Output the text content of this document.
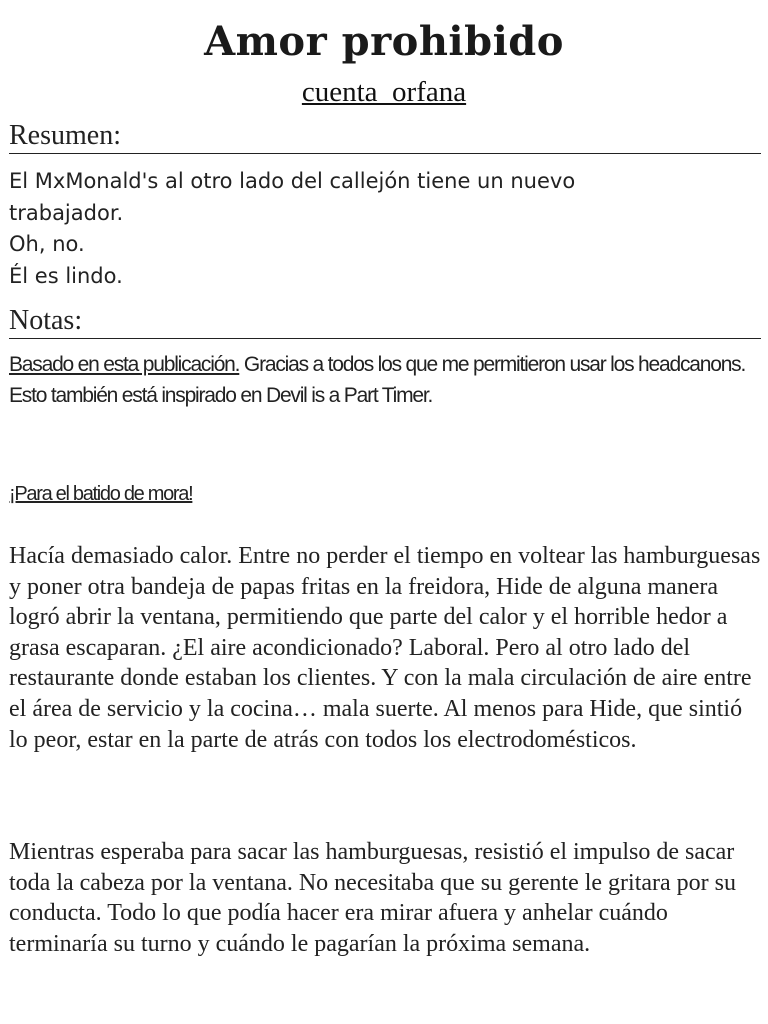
Amor prohibido
cuenta_orfana
Resumen:
El MxMonald's al otro lado del callejón tiene un nuevo
trabajador.
Oh, no.
Él es lindo.
Notas:
Basado en esta publicación. Gracias a todos los que me permitieron usar los headcanons. Esto también está inspirado en Devil is a Part Timer.
¡Para el batido de mora!

Hacía demasiado calor. Entre no perder el tiempo en voltear las hamburguesas y poner otra bandeja de papas fritas en la freidora, Hide de alguna manera logró abrir la ventana, permitiendo que parte del calor y el horrible hedor a grasa escaparan. ¿El aire acondicionado? Laboral. Pero al otro lado del restaurante donde estaban los clientes. Y con la mala circulación de aire entre el área de servicio y la cocina… mala suerte. Al menos para Hide, que sintió lo peor, estar en la parte de atrás con todos los electrodomésticos.

Mientras esperaba para sacar las hamburguesas, resistió el impulso de sacar toda la cabeza por la ventana. No necesitaba que su gerente le gritara por su conducta. Todo lo que podía hacer era mirar afuera y anhelar cuándo terminaría su turno y cuándo le pagarían la próxima semana.
